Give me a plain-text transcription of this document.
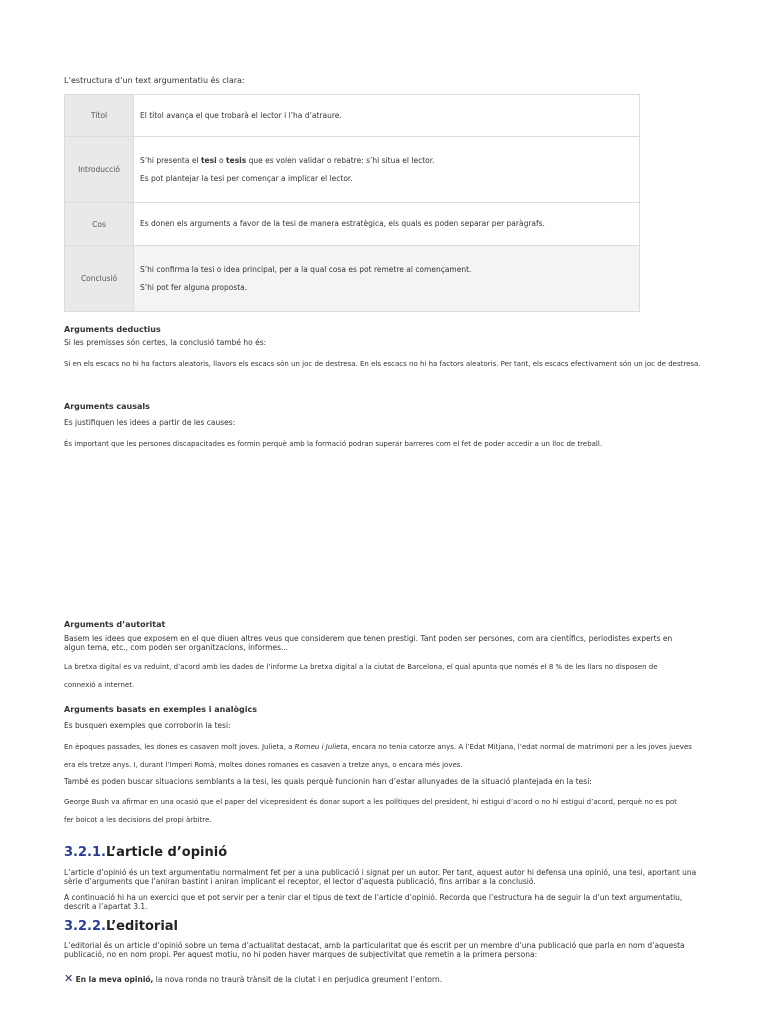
L’estructura d’un text argumentatiu és clara:
Títol	El títol avança el que trobarà el lector i l’ha d’atraure.

Introducció	S’hi presenta el tesi o tesis que es volen validar o rebatre: s’hi situa el lector.

Es pot plantejar la tesi per començar a implicar el lector.

Cos	Es donen els arguments a favor de la tesi de manera estratègica, els quals es poden separar per paràgrafs.

Conclusió	S’hi confirma la tesi o idea principal, per a la qual cosa es pot remetre al començament.

S’hi pot fer alguna proposta.

Arguments deductius
Si les premisses són certes, la conclusió també ho és:
Si en els escacs no hi ha factors aleatoris, llavors els escacs són un joc de destresa. En els escacs no hi ha factors aleatoris. Per tant, els escacs efectivament són un joc de destresa.
Arguments causals
Es justifiquen les idees a partir de les causes:
És important que les persones discapacitades es formin perquè amb la formació podran superar barreres com el fet de poder accedir a un lloc de treball.
Arguments d’autoritat
Basem les idees que exposem en el que diuen altres veus que considerem que tenen prestigi. Tant poden ser persones, com ara científics, periodistes experts en algun tema, etc., com poden ser organitzacions, informes...
La bretxa digital es va reduint, d’acord amb les dades de l’informe La bretxa digital a la ciutat de Barcelona, el qual apunta que només el 8 % de les llars no disposen de connexió a internet.
Arguments basats en exemples i analògics
Es busquen exemples que corroborin la tesi:
En èpoques passades, les dones es casaven molt joves. Julieta, a Romeu i Julieta, encara no tenia catorze anys. A l’Edat Mitjana, l’edat normal de matrimoni per a les joves jueves era els tretze anys. I, durant l’Imperi Romà, moltes dones romanes es casaven a tretze anys, o encara més joves.
També es poden buscar situacions semblants a la tesi, les quals perquè funcionin han d’estar allunyades de la situació plantejada en la tesi:
George Bush va afirmar en una ocasió que el paper del vicepresident és donar suport a les polítiques del president, hi estigui d’acord o no hi estigui d’acord, perquè no es pot fer boicot a les decisions del propi àrbitre.
3.2.1.L’article d’opinió
L’article d’opinió és un text argumentatiu normalment fet per a una publicació i signat per un autor. Per tant, aquest autor hi defensa una opinió, una tesi, aportant una sèrie d’arguments que l’aniran bastint i aniran implicant el receptor, el lector d’aquesta publicació, fins arribar a la conclusió.
A continuació hi ha un exercici que et pot servir per a tenir clar el tipus de text de l’article d’opinió. Recorda que l’estructura ha de seguir la d’un text argumentatiu, descrit a l’apartat 3.1.
3.2.2.L’editorial
L’editorial és un article d’opinió sobre un tema d’actualitat destacat, amb la particularitat que és escrit per un membre d’una publicació que parla en nom d’aquesta publicació, no en nom propi. Per aquest motiu, no hi poden haver marques de subjectivitat que remetin a la primera persona:
✕ En la meva opinió, la nova ronda no traurà trànsit de la ciutat i en perjudica greument l’entorn.
